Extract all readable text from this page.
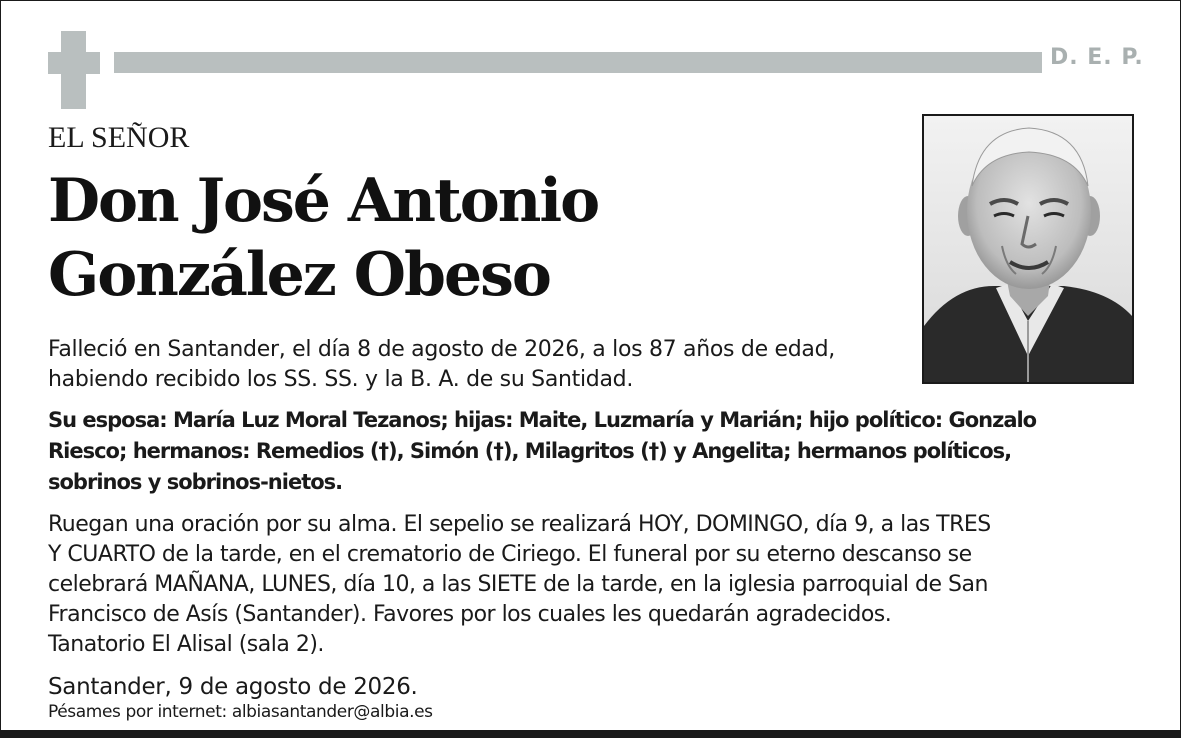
D. E. P.
EL SEÑOR
Don José Antonio
González Obeso
Falleció en Santander, el día 8 de agosto de 2026, a los 87 años de edad,
habiendo recibido los SS. SS. y la B. A. de su Santidad.
Su esposa: María Luz Moral Tezanos; hijas: Maite, Luzmaría y Marián; hijo político: Gonzalo
Riesco; hermanos: Remedios (†), Simón (†), Milagritos (†) y Angelita; hermanos políticos,
sobrinos y sobrinos-nietos.
Ruegan una oración por su alma. El sepelio se realizará HOY, DOMINGO, día 9, a las TRES
Y CUARTO de la tarde, en el crematorio de Ciriego. El funeral por su eterno descanso se
celebrará MAÑANA, LUNES, día 10, a las SIETE de la tarde, en la iglesia parroquial de San
Francisco de Asís (Santander). Favores por los cuales les quedarán agradecidos.
Tanatorio El Alisal (sala 2).
Santander, 9 de agosto de 2026.
Pésames por internet: albiasantander@albia.es
